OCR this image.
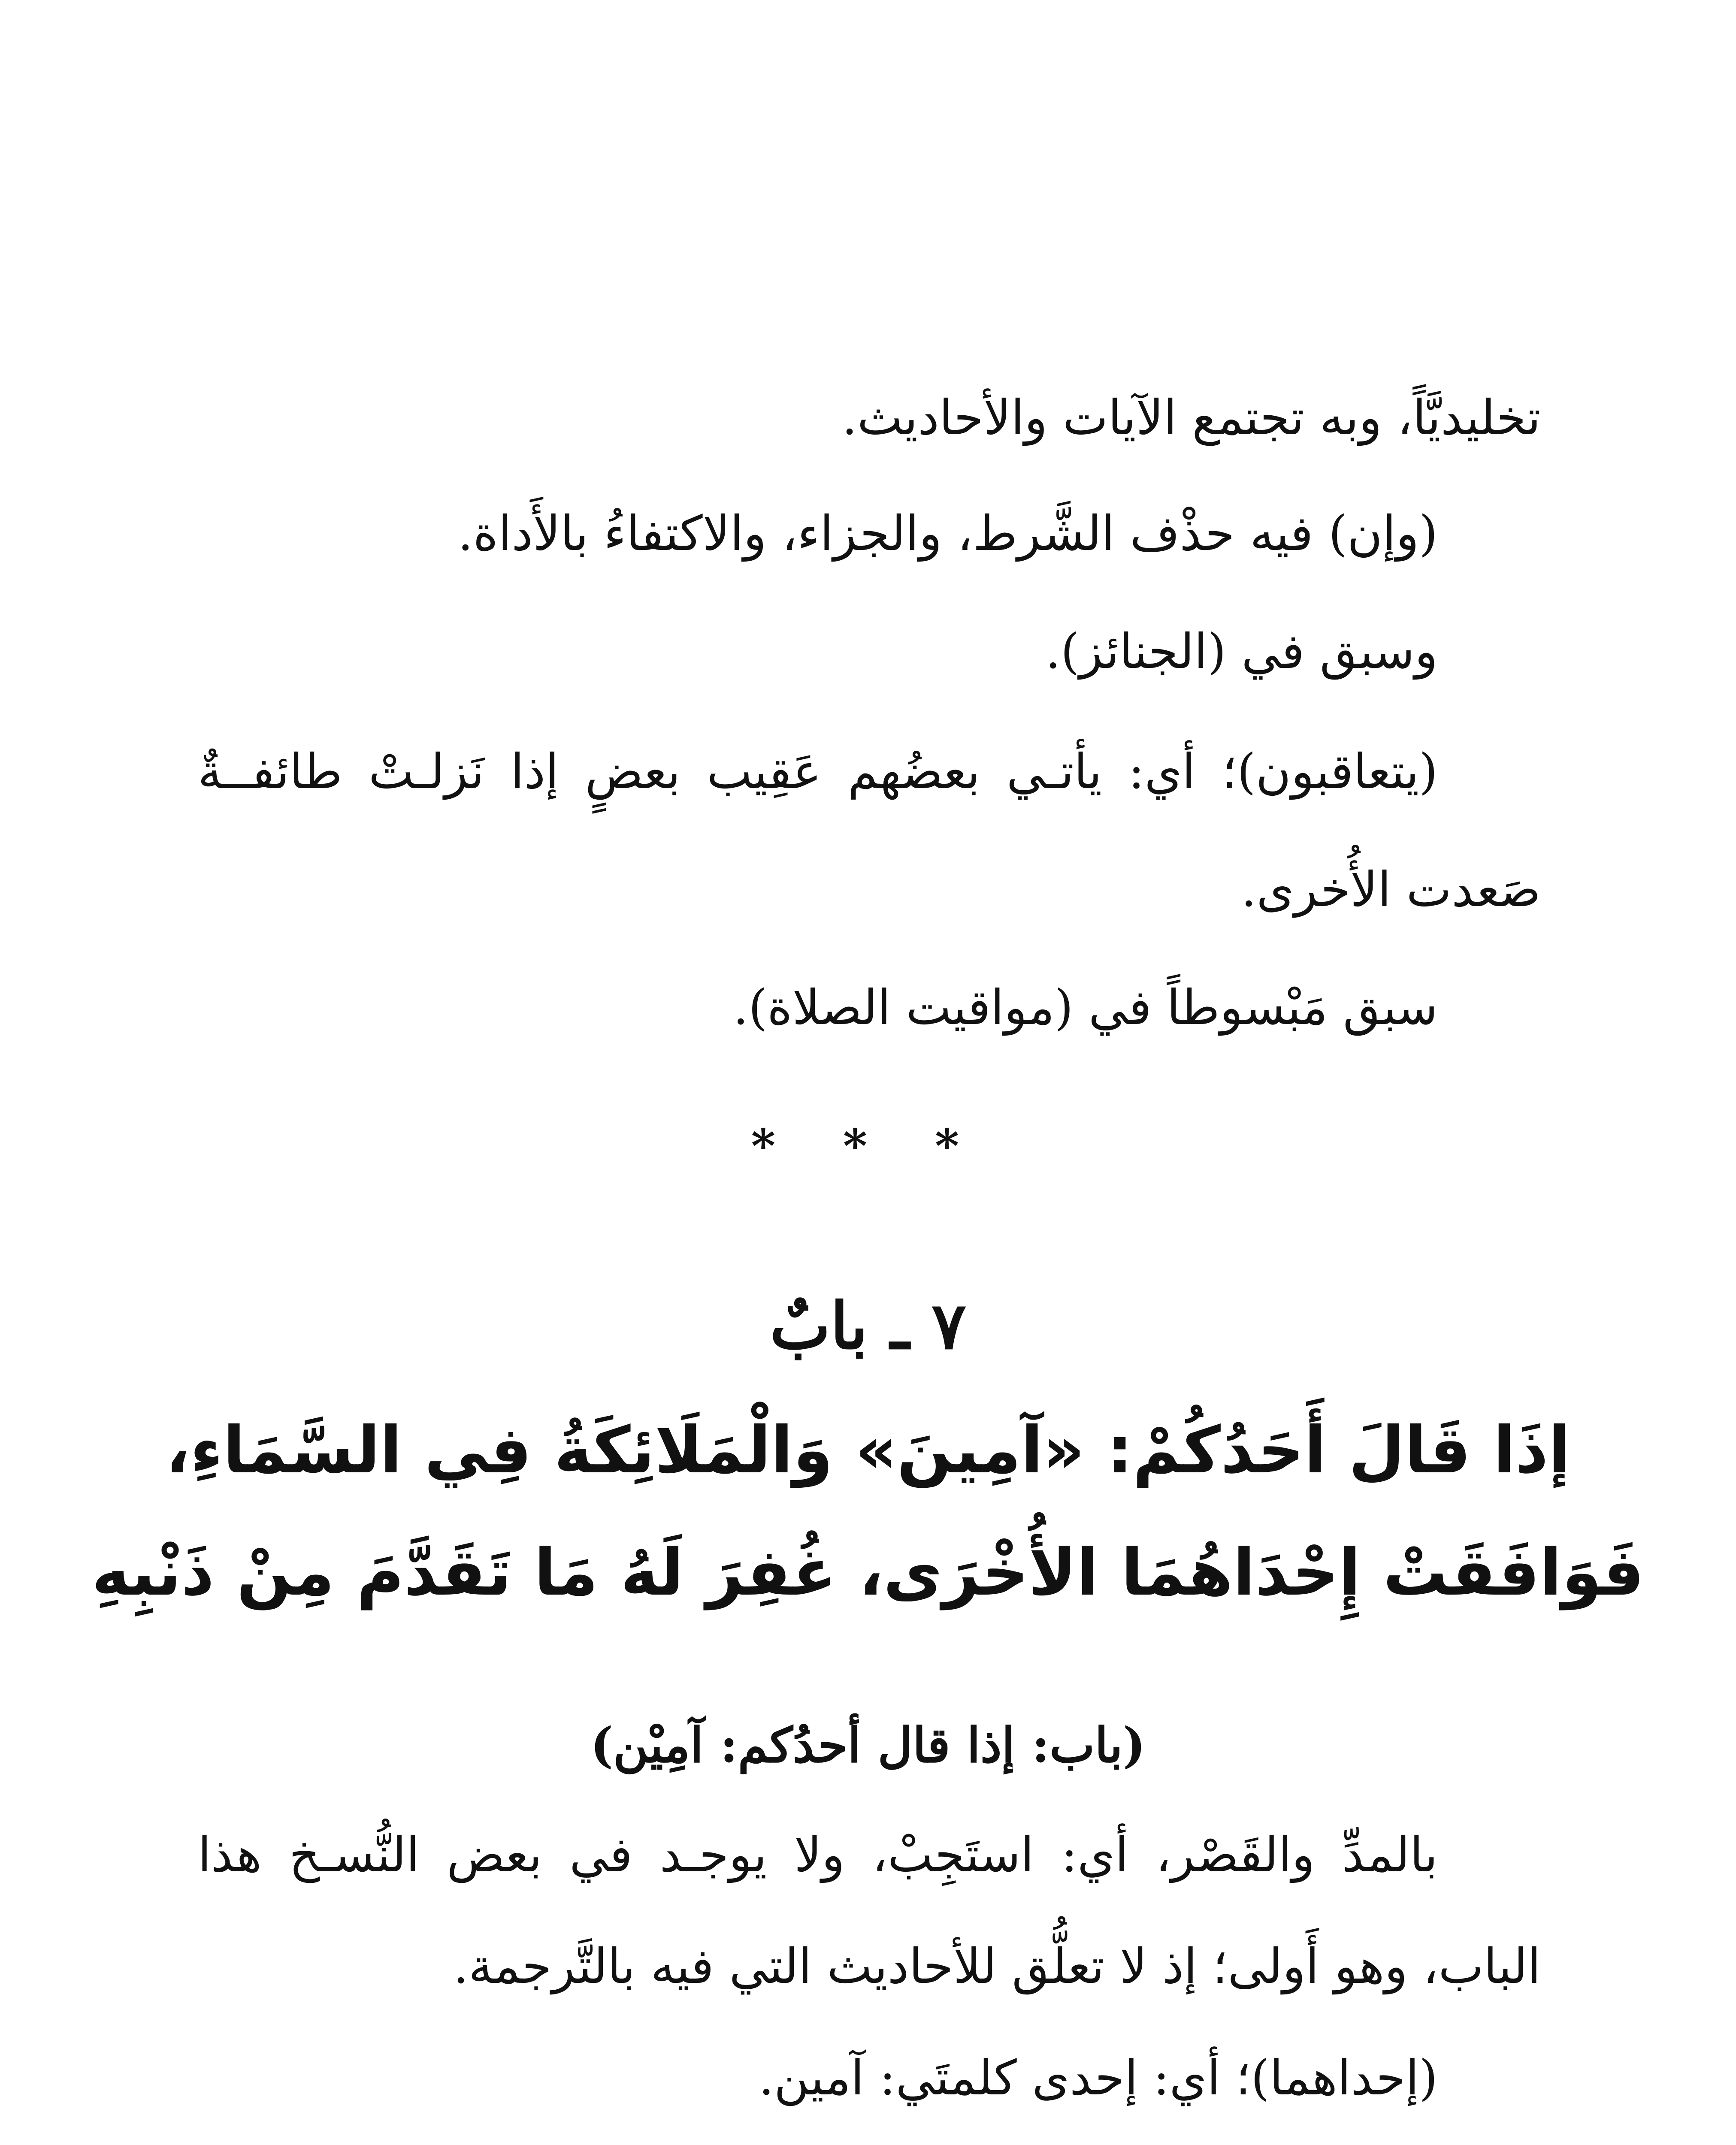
تخليديَّاً، وبه تجتمع الآيات والأحاديث.
(وإن) فيه حذْف الشَّرط، والجزاء، والاكتفاءُ بالأَداة.
وسبق في (الجنائز).
(يتعاقبون)؛ أي: يأتـي بعضُهم عَقِيب بعضٍ إذا نَزلـتْ طائفــةٌ
صَعدت الأُخرى.
سبق مَبْسوطاً في (مواقيت الصلاة).
* * *
٧ ـ بابٌ
إذَا قَالَ أَحَدُكُمْ: «آمِينَ» وَالْمَلَائِكَةُ فِي السَّمَاءِ،
فَوَافَقَتْ إِحْدَاهُمَا الأُخْرَى، غُفِرَ لَهُ مَا تَقَدَّمَ مِنْ ذَنْبِهِ
(باب: إذا قال أحدُكم: آمِيْن)
بالمدِّ والقَصْر، أي: استَجِبْ، ولا يوجـد في بعض النُّسـخ هذا
الباب، وهو أَولى؛ إذ لا تعلُّق للأحاديث التي فيه بالتَّرجمة.
(إحداهما)؛ أي: إحدى كلمتَي: آمين.
